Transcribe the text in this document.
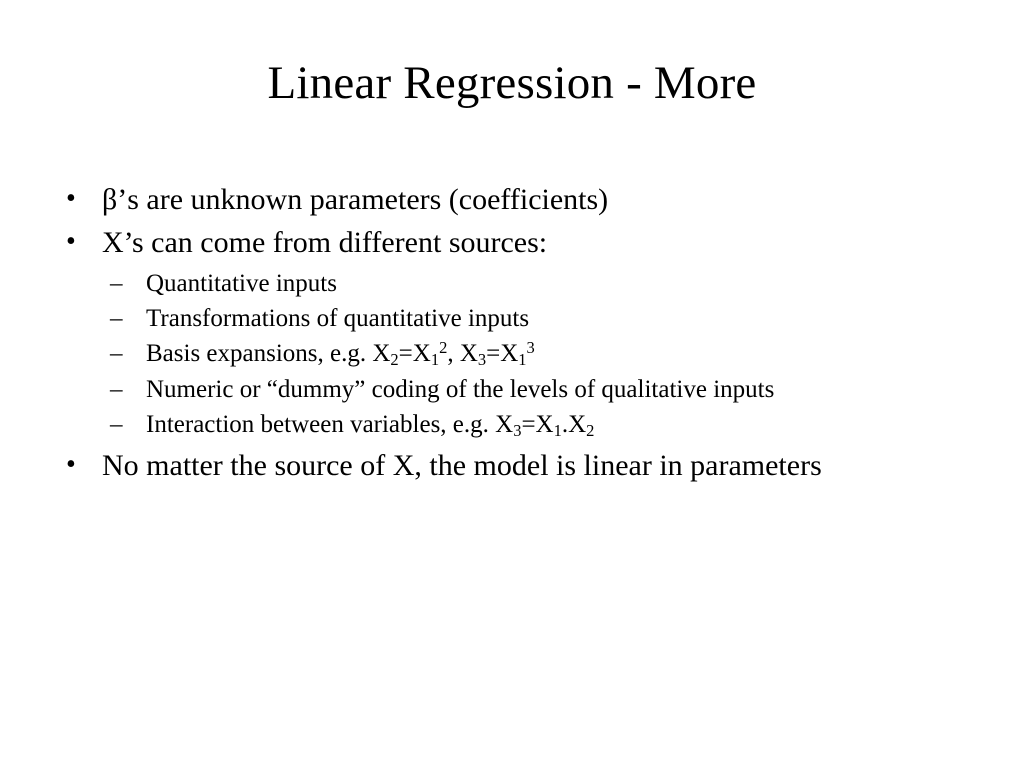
Linear Regression - More
• β’s are unknown parameters (coefficients)
• X’s can come from different sources:
– Quantitative inputs
– Transformations of quantitative inputs
– Basis expansions, e.g. $X_2=X_1^2$, $X_3=X_1^3$
– Numeric or “dummy” coding of the levels of qualitative inputs
– Interaction between variables, e.g. $X_3=X_1.X_2$
• No matter the source of X, the model is linear in parameters
